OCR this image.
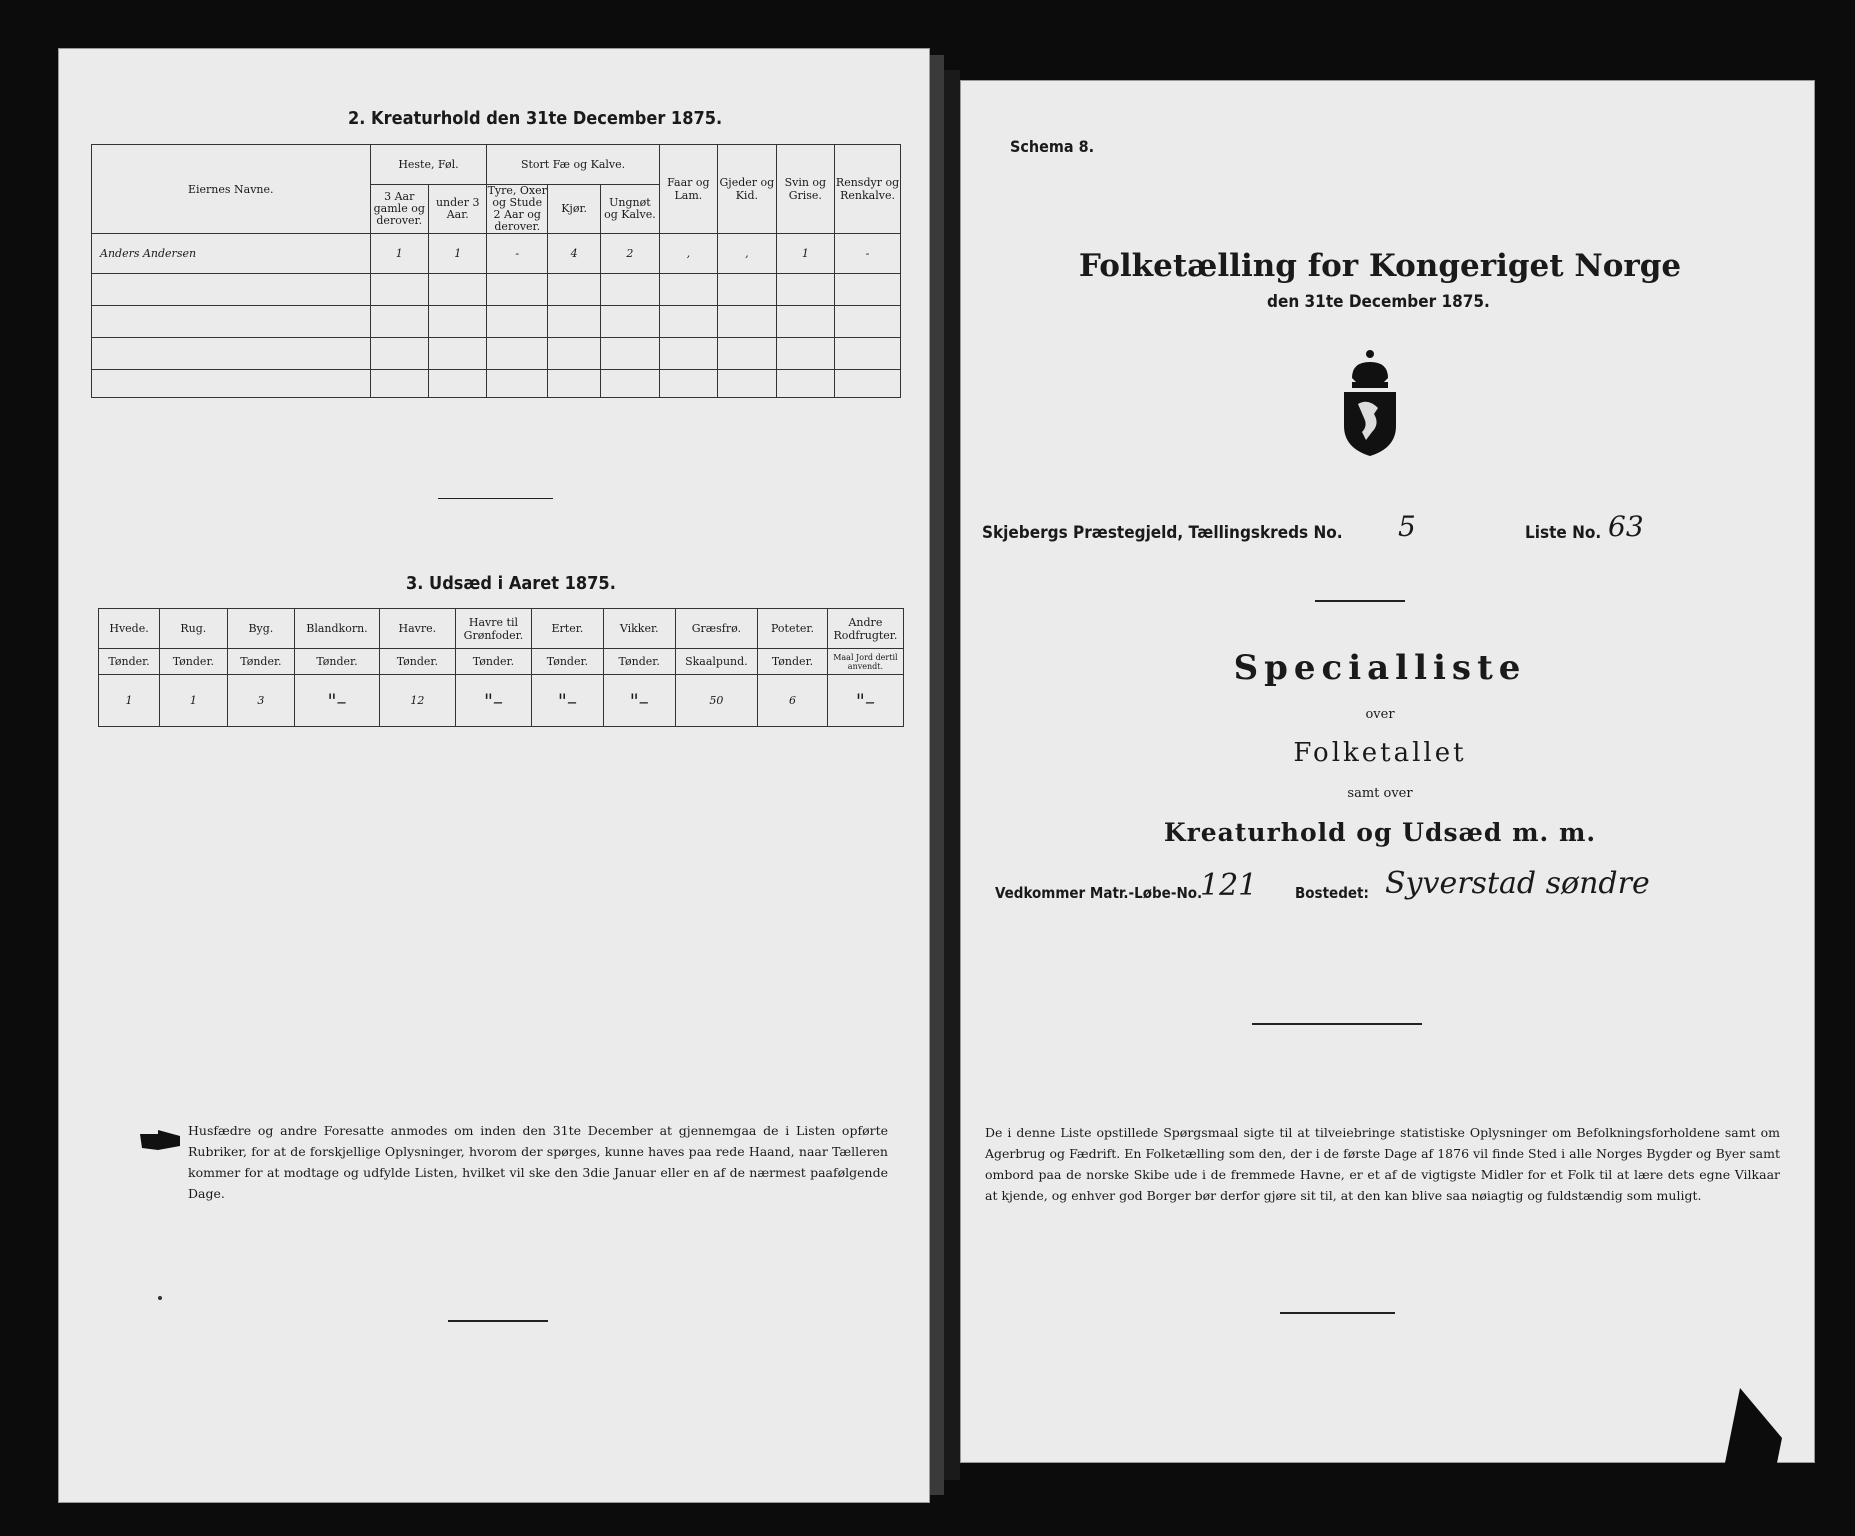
2. Kreaturhold den 31te December 1875.
Eiernes Navne.	Heste, Føl.		Stort Fæ og Kalve.			Faar og Lam.	Gjeder og Kid.	Svin og Grise.	Rensdyr og Renkalve.
	3 Aar gamle og derover.	under 3 Aar.	Tyre, Oxer og Stude 2 Aar og derover.	Kjør.	Ungnøt og Kalve.				
Anders Andersen	1	1	-	4	2	,	,	1	-

3. Udsæd i Aaret 1875.
Hvede.	Rug.	Byg.	Blandkorn.	Havre.	Havre til Grønfoder.	Erter.	Vikker.	Græsfrø.	Poteter.	Andre Rodfrugter.
Tønder.	Tønder.	Tønder.	Tønder.	Tønder.	Tønder.	Tønder.	Tønder.	Skaalpund.	Tønder.	Maal Jord dertil anvendt.
1	1	3	"–	12	"–	"–	"–	50	6	"–
Husfædre og andre Foresatte anmodes om inden den 31te December at gjennemgaa de i Listen opførte Rubriker, for at de forskjellige Oplysninger, hvorom der spørges, kunne haves paa rede Haand, naar Tælleren kommer for at modtage og udfylde Listen, hvilket vil ske den 3die Januar eller en af de nærmest paafølgende Dage.
Schema 8.
Folketælling for Kongeriget Norge
den 31te December 1875.
Skjebergs Præstegjeld, Tællingskreds No. 5	Liste No. 63
Specialliste
over
Folketallet
samt over
Kreaturhold og Udsæd m. m.
Vedkommer Matr.-Løbe-No.
121	Bostedet: Syverstad søndre
De i denne Liste opstillede Spørgsmaal sigte til at tilveiebringe statistiske Oplysninger om Befolkningsforholdene samt om Agerbrug og Fædrift. En Folketælling som den, der i de første Dage af 1876 vil finde Sted i alle Norges Bygder og Byer samt ombord paa de norske Skibe ude i de fremmede Havne, er et af de vigtigste Midler for et Folk til at lære dets egne Vilkaar at kjende, og enhver god Borger bør derfor gjøre sit til, at den kan blive saa nøiagtig og fuldstændig som muligt.
